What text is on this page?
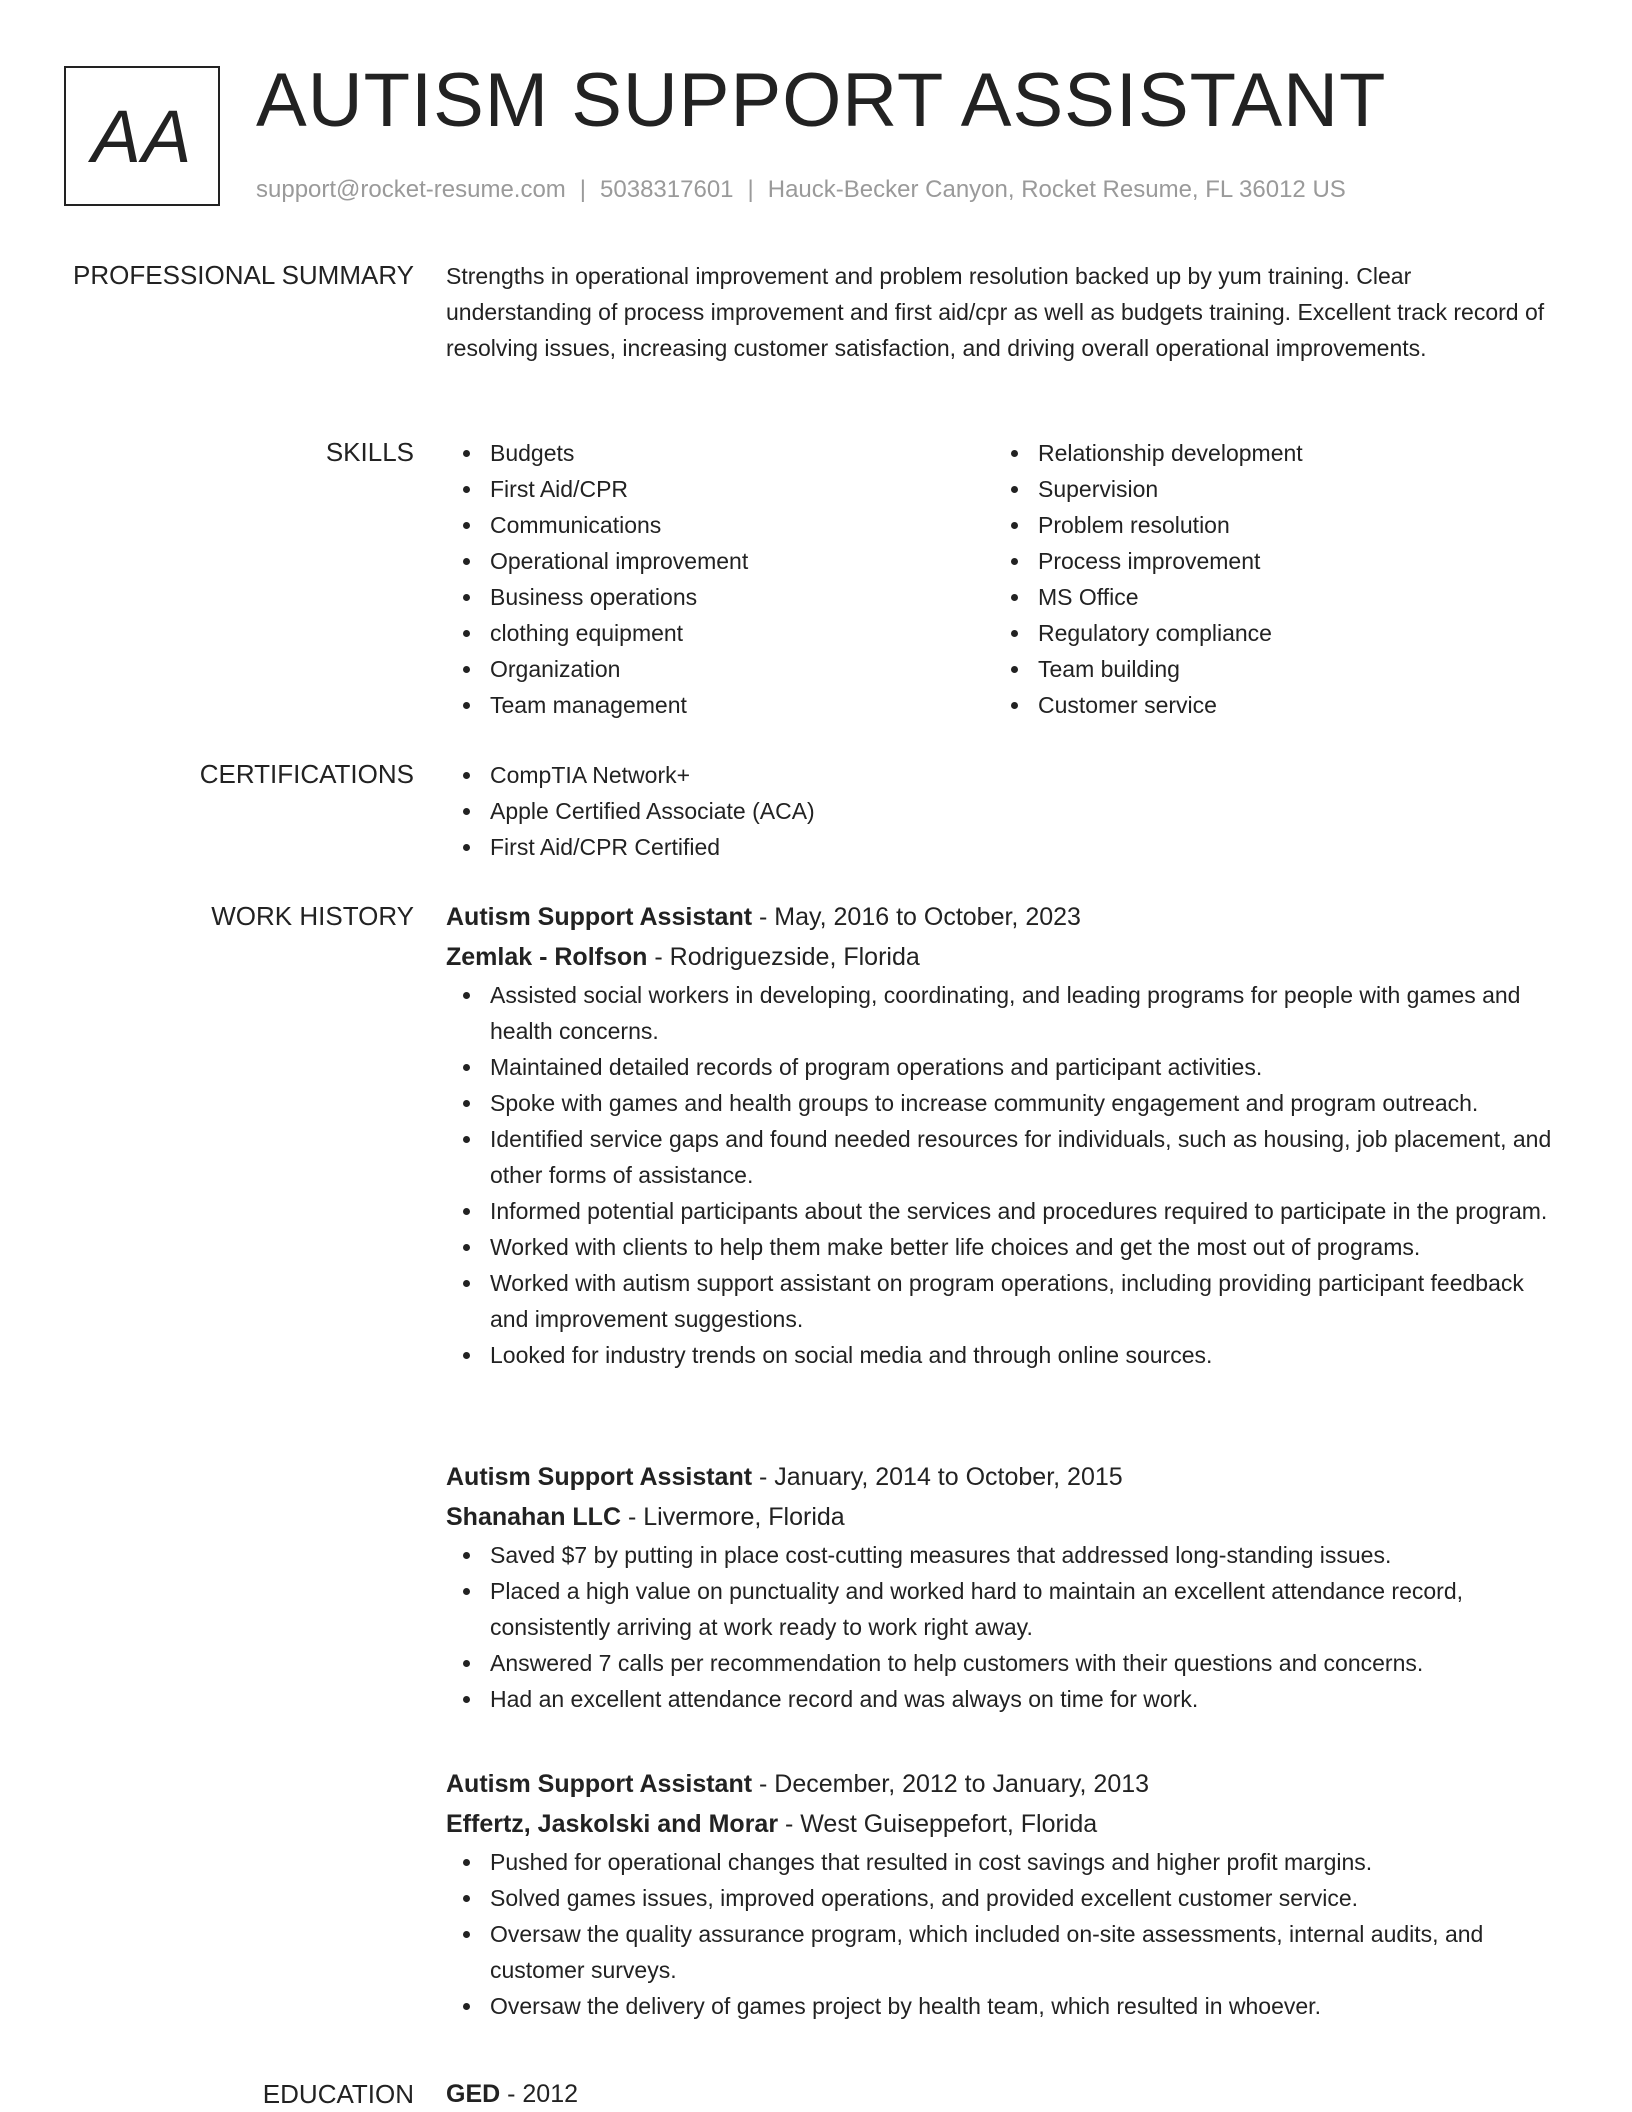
AA AUTISM SUPPORT ASSISTANT
support@rocket-resume.com | 5038317601 | Hauck-Becker Canyon, Rocket Resume, FL 36012 US
PROFESSIONAL SUMMARY Strengths in operational improvement and problem resolution backed up by yum training. Clear understanding of process improvement and first aid/cpr as well as budgets training. Excellent track record of resolving issues, increasing customer satisfaction, and driving overall operational improvements.

SKILLS	Budgets
First Aid/CPR
Communications
Operational improvement
Business operations
clothing equipment
Organization
Team management
Relationship development
Supervision
Problem resolution
Process improvement
MS Office
Regulatory compliance
Team building
Customer service
CERTIFICATIONS	CompTIA Network+
Apple Certified Associate (ACA)
First Aid/CPR Certified
WORK HISTORY Autism Support Assistant - May, 2016 to October, 2023
Zemlak - Rolfson - Rodriguezside, Florida
Assisted social workers in developing, coordinating, and leading programs for people with games and health concerns.
Maintained detailed records of program operations and participant activities.
Spoke with games and health groups to increase community engagement and program outreach.
Identified service gaps and found needed resources for individuals, such as housing, job placement, and other forms of assistance.
Informed potential participants about the services and procedures required to participate in the program.
Worked with clients to help them make better life choices and get the most out of programs.
Worked with autism support assistant on program operations, including providing participant feedback and improvement suggestions.
Looked for industry trends on social media and through online sources.
Autism Support Assistant - January, 2014 to October, 2015
Shanahan LLC - Livermore, Florida
Saved $7 by putting in place cost-cutting measures that addressed long-standing issues.
Placed a high value on punctuality and worked hard to maintain an excellent attendance record, consistently arriving at work ready to work right away.
Answered 7 calls per recommendation to help customers with their questions and concerns.
Had an excellent attendance record and was always on time for work.
Autism Support Assistant - December, 2012 to January, 2013
Effertz, Jaskolski and Morar - West Guiseppefort, Florida
Pushed for operational changes that resulted in cost savings and higher profit margins.
Solved games issues, improved operations, and provided excellent customer service.
Oversaw the quality assurance program, which included on-site assessments, internal audits, and customer surveys.
Oversaw the delivery of games project by health team, which resulted in whoever.
EDUCATION GED - 2012
